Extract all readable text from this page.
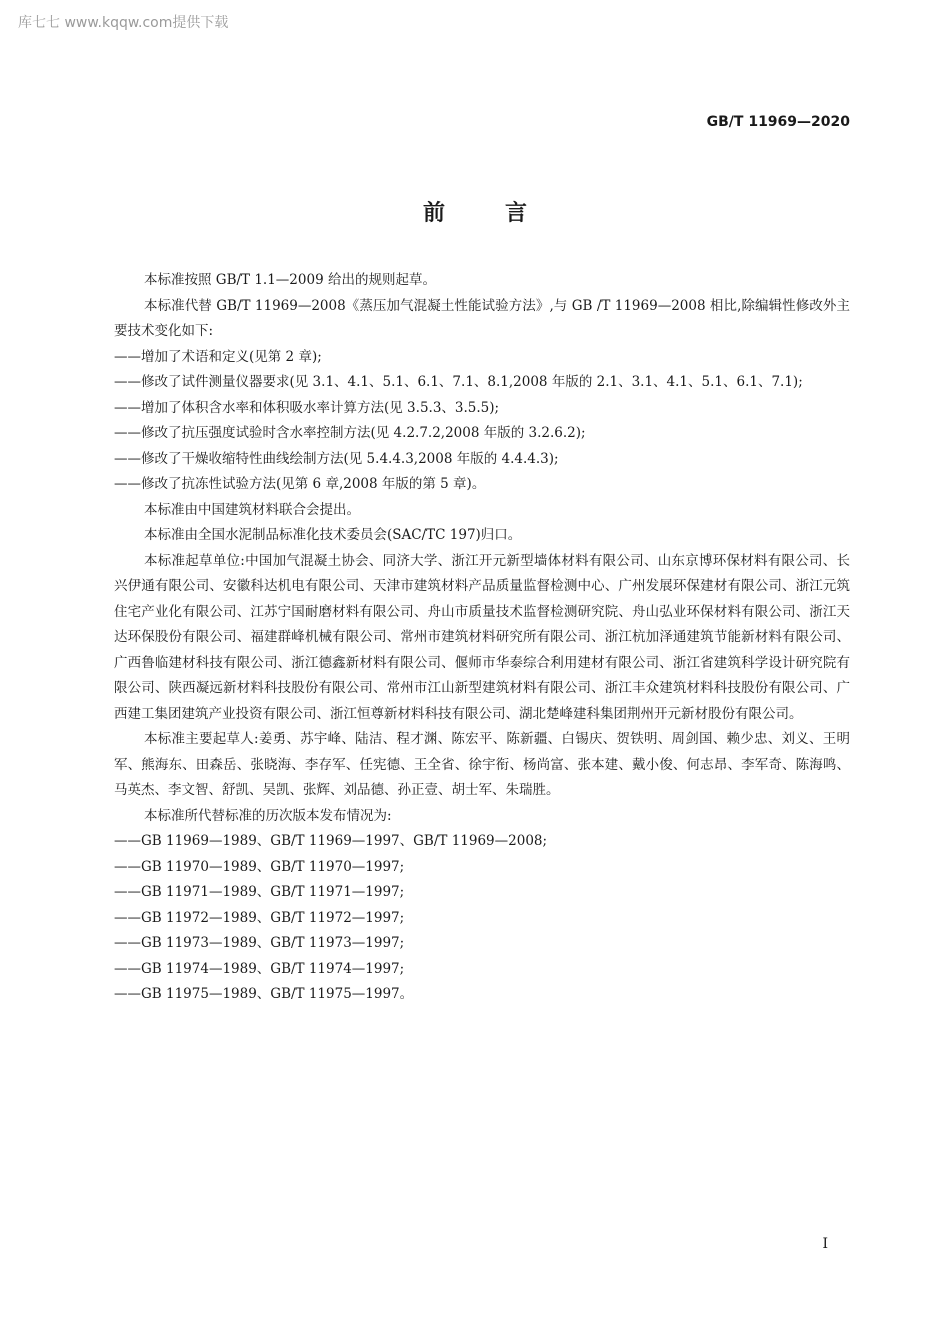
库七七 www.kqqw.com提供下载
GB/T 11969—2020
前言

本标准按照 GB/T 1.1—2009 给出的规则起草。

本标准代替 GB/T 11969—2008《蒸压加气混凝土性能试验方法》,与 GB /T 11969—2008 相比,除编辑性修改外主要技术变化如下:

——增加了术语和定义(见第 2 章);

——修改了试件测量仪器要求(见 3.1、4.1、5.1、6.1、7.1、8.1,2008 年版的 2.1、3.1、4.1、5.1、6.1、7.1);

——增加了体积含水率和体积吸水率计算方法(见 3.5.3、3.5.5);

——修改了抗压强度试验时含水率控制方法(见 4.2.7.2,2008 年版的 3.2.6.2);

——修改了干燥收缩特性曲线绘制方法(见 5.4.4.3,2008 年版的 4.4.4.3);

——修改了抗冻性试验方法(见第 6 章,2008 年版的第 5 章)。

本标准由中国建筑材料联合会提出。

本标准由全国水泥制品标准化技术委员会(SAC/TC 197)归口。

本标准起草单位:中国加气混凝土协会、同济大学、浙江开元新型墙体材料有限公司、山东京博环保材料有限公司、长兴伊通有限公司、安徽科达机电有限公司、天津市建筑材料产品质量监督检测中心、广州发展环保建材有限公司、浙江元筑住宅产业化有限公司、江苏宁国耐磨材料有限公司、舟山市质量技术监督检测研究院、舟山弘业环保材料有限公司、浙江天达环保股份有限公司、福建群峰机械有限公司、常州市建筑材料研究所有限公司、浙江杭加泽通建筑节能新材料有限公司、广西鲁临建材科技有限公司、浙江德鑫新材料有限公司、偃师市华泰综合利用建材有限公司、浙江省建筑科学设计研究院有限公司、陕西凝远新材料科技股份有限公司、常州市江山新型建筑材料有限公司、浙江丰众建筑材料科技股份有限公司、广西建工集团建筑产业投资有限公司、浙江恒尊新材料科技有限公司、湖北楚峰建科集团荆州开元新材股份有限公司。

本标准主要起草人:姜勇、苏宇峰、陆洁、程才渊、陈宏平、陈新疆、白锡庆、贺铁明、周剑国、赖少忠、刘义、王明军、熊海东、田森岳、张晓海、李存军、任宪德、王全省、徐宇衔、杨尚富、张本建、戴小俊、何志昂、李军奇、陈海鸣、马英杰、李文智、舒凯、吴凯、张辉、刘品德、孙正壹、胡士军、朱瑞胜。

本标准所代替标准的历次版本发布情况为:

——GB 11969—1989、GB/T 11969—1997、GB/T 11969—2008;

——GB 11970—1989、GB/T 11970—1997;

——GB 11971—1989、GB/T 11971—1997;

——GB 11972—1989、GB/T 11972—1997;

——GB 11973—1989、GB/T 11973—1997;

——GB 11974—1989、GB/T 11974—1997;

——GB 11975—1989、GB/T 11975—1997。

I
